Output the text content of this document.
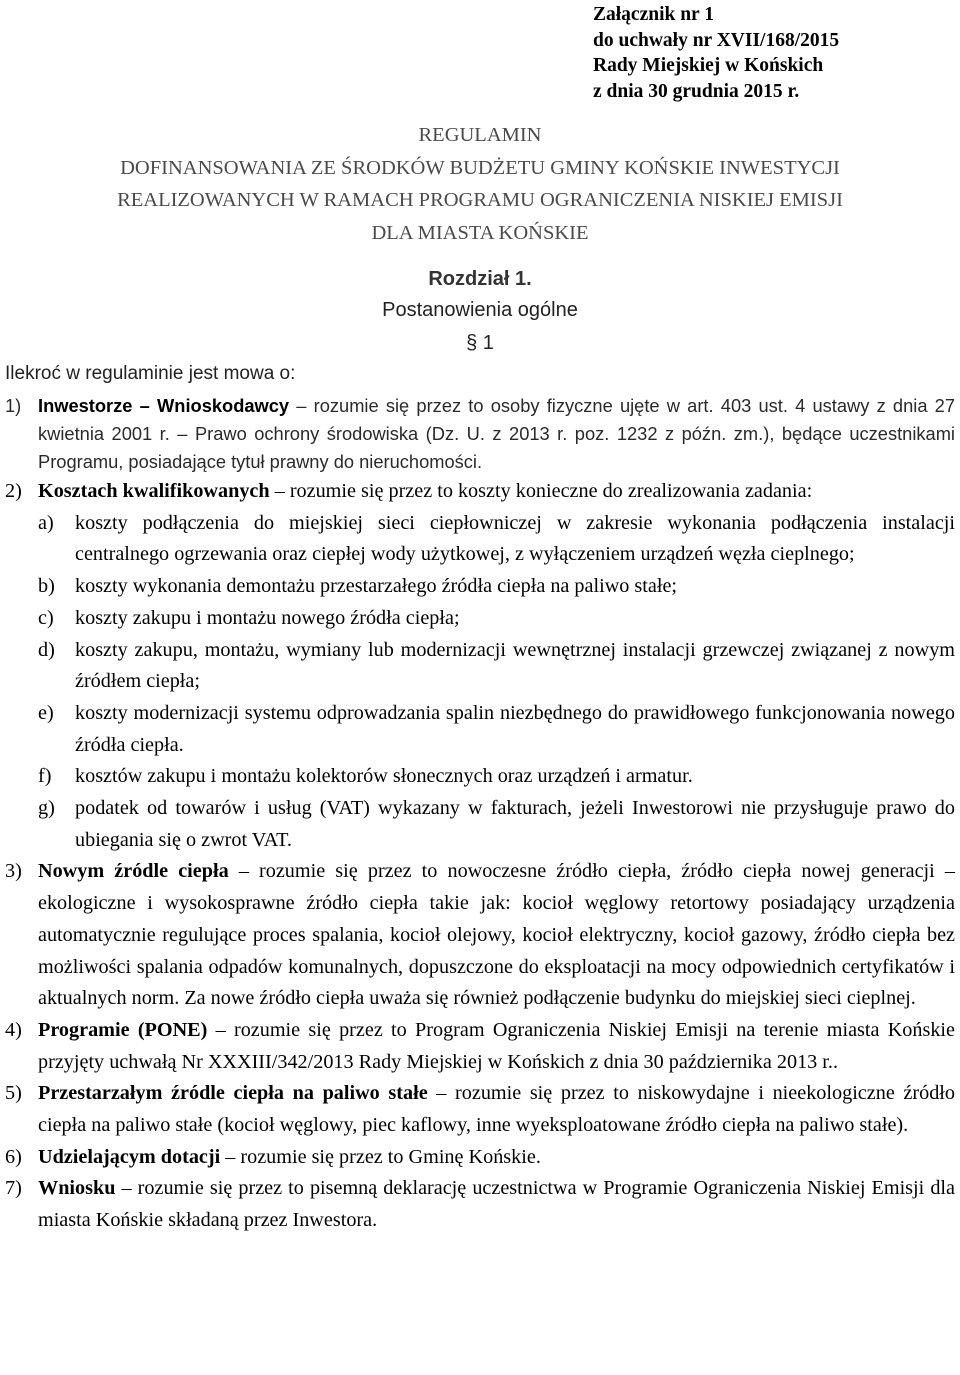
Załącznik nr 1
do uchwały nr XVII/168/2015
Rady Miejskiej w Końskich
z dnia 30 grudnia 2015 r.
REGULAMIN
DOFINANSOWANIA ZE ŚRODKÓW BUDŻETU GMINY KOŃSKIE INWESTYCJI
REALIZOWANYCH W RAMACH PROGRAMU OGRANICZENIA NISKIEJ EMISJI
DLA MIASTA KOŃSKIE
Rozdział 1.
Postanowienia ogólne
§ 1
Ilekroć w regulaminie jest mowa o:
1) Inwestorze – Wnioskodawcy – rozumie się przez to osoby fizyczne ujęte w art. 403 ust. 4 ustawy z dnia 27 kwietnia 2001 r. – Prawo ochrony środowiska (Dz. U. z 2013 r. poz. 1232 z późn. zm.), będące uczestnikami Programu, posiadające tytuł prawny do nieruchomości.
2) Kosztach kwalifikowanych – rozumie się przez to koszty konieczne do zrealizowania zadania:
a) koszty podłączenia do miejskiej sieci ciepłowniczej w zakresie wykonania podłączenia instalacji centralnego ogrzewania oraz ciepłej wody użytkowej, z wyłączeniem urządzeń węzła cieplnego;
b) koszty wykonania demontażu przestarzałego źródła ciepła na paliwo stałe;
c) koszty zakupu i montażu nowego źródła ciepła;
d) koszty zakupu, montażu, wymiany lub modernizacji wewnętrznej instalacji grzewczej związanej z nowym źródłem ciepła;
e) koszty modernizacji systemu odprowadzania spalin niezbędnego do prawidłowego funkcjonowania nowego źródła ciepła.
f) kosztów zakupu i montażu kolektorów słonecznych oraz urządzeń i armatur.
g) podatek od towarów i usług (VAT) wykazany w fakturach, jeżeli Inwestorowi nie przysługuje prawo do ubiegania się o zwrot VAT.
3) Nowym źródle ciepła – rozumie się przez to nowoczesne źródło ciepła, źródło ciepła nowej generacji – ekologiczne i wysokosprawne źródło ciepła takie jak: kocioł węglowy retortowy posiadający urządzenia automatycznie regulujące proces spalania, kocioł olejowy, kocioł elektryczny, kocioł gazowy, źródło ciepła bez możliwości spalania odpadów komunalnych, dopuszczone do eksploatacji na mocy odpowiednich certyfikatów i aktualnych norm. Za nowe źródło ciepła uważa się również podłączenie budynku do miejskiej sieci cieplnej.
4) Programie (PONE) – rozumie się przez to Program Ograniczenia Niskiej Emisji na terenie miasta Końskie przyjęty uchwałą Nr XXXIII/342/2013 Rady Miejskiej w Końskich z dnia 30 października 2013 r..
5) Przestarzałym źródle ciepła na paliwo stałe – rozumie się przez to niskowydajne i nieekologiczne źródło ciepła na paliwo stałe (kocioł węglowy, piec kaflowy, inne wyeksploatowane źródło ciepła na paliwo stałe).
6) Udzielającym dotacji – rozumie się przez to Gminę Końskie.
7) Wniosku – rozumie się przez to pisemną deklarację uczestnictwa w Programie Ograniczenia Niskiej Emisji dla miasta Końskie składaną przez Inwestora.
